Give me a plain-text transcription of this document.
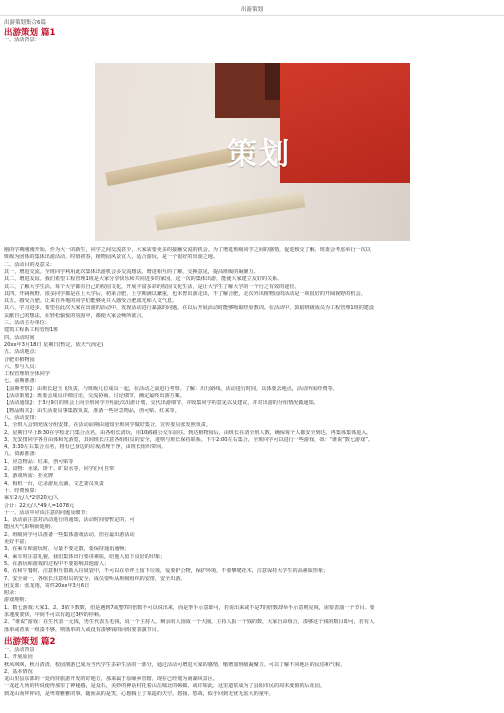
出游策划
出游策划集合6篇
出游策划 篇1
一、活动背景：
策划
刚的学期刚刚开始，作为大一的新生，同学之间交流甚少，大家需要更多的接触交流的机会。为了增进班级同学之间的感情，促进核交了解，班委会考虑举行一次以
班级为团体的集体出游活动，时值初春，植物园风景宜人，适合游玩，是一个很好的出游之地。
二、活动目的及意义：
其一，增进交流。全班同学利用此次集体出游机会多交流想法，增进相互的了解，交换意见，提高班级的凝聚力。
其二，增进友谊。我们希望工程管理1班是大家分享快乐和共同进步的家园，这一次的集体出游，能使大家建立友好的关系。
其三，了解大学生活。每个大学都有自己的校园文化，开展丰富多彩的校园文化生活，是让大学生了解大学的一个行之有效的途径。
其四，开阔视野。很多同学都是在上大学后，初来合肥，上学期满以繁重，也未曾出游走出，不了解合肥，走次外出植物园的活动是一项很好的开阔视野的机会。
其五，感受合肥。让来自外地的同学们能够更并入感受合肥浓光和人文气息。
其六，学习进步。希望在此次大家在出游的活动中，发现活动进行暴露的问题，在以后开展活动时能够吸取经验教训。在活动中，鼓励班级成员为工程管理1班的建设
贡献自己的想法，在轻松愉悦的氛围中，都使大家会畅所欲言。
三、活动主办单位：
建筑工程系工程管理1班
四、活动时间
20xx年3月18日 星期日(暂定，依天气而定)
五、活动地点：
合肥市植物园
六、参与人员：
工程管理班全体同学
七、前期准备：
【前期考察】：由班长赵玉飞负责，与班级几位成员一起，在活动之前进行考察。了解：出行路线，活动进行时间，具体要去地点，活动所需经费等。
【活动策划】：班委会成员详细讨论，交流协商，讨论细节，确定最终出游方案。
【活动通知】：于3月9日的班会上向全班同学介绍此次出游计划，交代出游细节，并收集同学的意见以及建议，并对出游的分组情况做通知。
【物品购买】：由生活委员事集散负责，准备一些应急物品，创可贴，红来等。
八、活动安排：
1、全班人会到充成分组安排，在活动前期由通知全班同学做好集合，宣传委员张发照负责。
2、星期日早上8:30在学校北门集合点名，由各组长清玩，用10路路公交车前往。到达植物园后，由班长在清全班人数，确保每个人都安全到达，再集体集体进入。
3、先安排同学各自由体和光游览，其间班长注意各组组员的安全，进则与班长保持联系。下午2:00左右集合，全班同学可以进行一些游戏，如：“谁说”数七游戏”。
4、3:30左右集合点名，将有已身边的垃圾清理干净，由班长组织带回。
九、资源准备：
1、应急物品：红来，创可贴等
2、食物：水果、饼干、矿泉水等，同学们可自带
3、游戏所需：扑克牌
4、相机一台，记录游玩点滴，文艺委员负责
十、经费预算：
乘车2元/人*2票20元/人
合计：22元/人*49人=1078元
十一、活动中应该注意的问题及细节：
1、活动前注意对活动进行的通知，活动时间要暂定的，可
能因天气影响而延期；
2、班级同学可以准备一些集体游戏活动，但在最出游活动
更好丰富；
3、在乘车和游玩时，尽量不要走散，要保持通讯通畅；
4、乘车时注意礼貌，我们集体出行要讲素质，给他人留下良好的印象；
5、在游玩和游戏的过程中不要影响其他游人；
6、在和午餐时，注意相互借助入垃圾袋中，不可以在草坪上留下垃圾，爱要护公物，保护环境，不要攀爬花木，注意保持大学生的高素质形象；
7、安全第一，各组长注意组员的安全，成员要听从班级组织的安排，安全出游。
团支部：张龙雨，寄件20xx年3月6日
附录：
游戏规则：
1、数七游戏:大家1、2、3依下数数，但是遇到7或整7的倍数不可以说出来，而是季手示意即可，若说出来或不是7的倍数却举手示意则见境，需要表演一个节目。要
求速度要快，中间不可以有超过3秒的停顿。
2、“谁说”游戏：在生代表一元钱，男生代表五毛钱，说一个主持人，剩余的人围成一个大圈，主持人报一个钱的数，大家自由组合，凑够这个钱的数目即可，若有人
落单或者某一组凑不够，则落单的人或没有凑够钱的同组要表演节目。
出游策划 篇2
一、活动背景
1、开展原因
秋风飒飒，秋月清清，校园朋游已成为当代学生多彩生活的一部分，通过活动可增进大家的感情，缩增加班级凝聚力。可以了解不同地区的民俗和气候。
2、基本情况
龙山里县东部的一处尚待旅游开发的好地方，那来属于原颐乡管辖，现在已经划为南湖风景区。
一龙赶九角的传说使得那里了神秘感，是众石，美妙的神话村托着山岳城北的顿媚，或许如此，这里道常成为了县阳市民的周末度假的后花园。
到龙山而拜仲词，是卑尊雅雅的事。随而从的是笑，心想腾上了某遥的天空。悠扬、悠哉，似乎回到无忧无虑大的童年。
